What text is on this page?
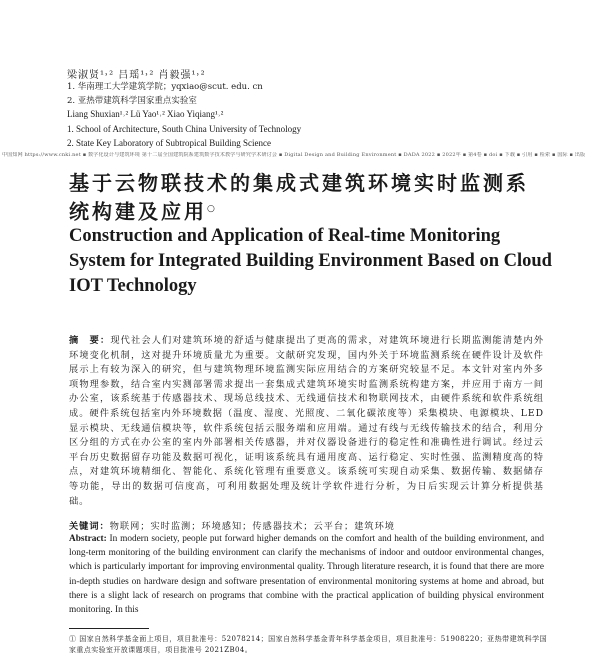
梁淑贤¹˒² 吕瑶¹˒² 肖毅强¹˒²
1. 华南理工大学建筑学院；yqxiao@scut. edu. cn
2. 亚热带建筑科学国家重点实验室
Liang Shuxian¹˒² Lü Yao¹˒² Xiao Yiqiang¹˒²
1. School of Architecture, South China University of Technology
2. State Key Laboratory of Subtropical Building Science
中国知网 https://www.cnki.net ▪ 数字化设计与建筑环境 第十二届全国建筑院系建筑数字技术教学与研究学术研讨会 ▪ Digital Design and Building Environment ▪ DADA 2022 ▪ 2022年 ▪ 第4卷 ▪ doi ▪ 下载 ▪ 引用 ▪ 检索 ▪ 国际 ▪ 出版
基于云物联技术的集成式建筑环境实时监测系统构建及应用○
Construction and Application of Real-time Monitoring System for Integrated Building Environment Based on Cloud IOT Technology
摘　要：现代社会人们对建筑环境的舒适与健康提出了更高的需求，对建筑环境进行长期监测能清楚内外环境变化机制，这对提升环境质量尤为重要。文献研究发现，国内外关于环境监测系统在硬件设计及软件展示上有较为深入的研究，但与建筑物理环境监测实际应用结合的方案研究较显不足。本文针对室内外多项物理参数，结合室内实测部署需求提出一套集成式建筑环境实时监测系统构建方案，并应用于南方一间办公室，该系统基于传感器技术、现场总线技术、无线通信技术和物联网技术，由硬件系统和软件系统组成。硬件系统包括室内外环境数据（温度、湿度、光照度、二氧化碳浓度等）采集模块、电源模块、LED显示模块、无线通信模块等，软件系统包括云服务端和应用端。通过有线与无线传输技术的结合，利用分区分组的方式在办公室的室内外部署相关传感器，并对仪器设备进行的稳定性和准确性进行调试。经过云平台历史数据留存功能及数据可视化，证明该系统具有通用度高、运行稳定、实时性强、监测精度高的特点，对建筑环境精细化、智能化、系统化管理有重要意义。该系统可实现自动采集、数据传输、数据储存等功能，导出的数据可信度高，可利用数据处理及统计学软件进行分析，为日后实现云计算分析提供基础。
关键词：物联网；实时监测；环境感知；传感器技术；云平台；建筑环境
Abstract: In modern society, people put forward higher demands on the comfort and health of the building environment, and long-term monitoring of the building environment can clarify the mechanisms of indoor and outdoor environmental changes, which is particularly important for improving environmental quality. Through literature research, it is found that there are more in-depth studies on hardware design and software presentation of environmental monitoring systems at home and abroad, but there is a slight lack of research on programs that combine with the practical application of building physical environment monitoring. In this
① 国家自然科学基金面上项目，项目批准号：52078214；国家自然科学基金青年科学基金项目，项目批准号：51908220；亚热带建筑科学国家重点实验室开放课题项目，项目批准号 2021ZB04。
